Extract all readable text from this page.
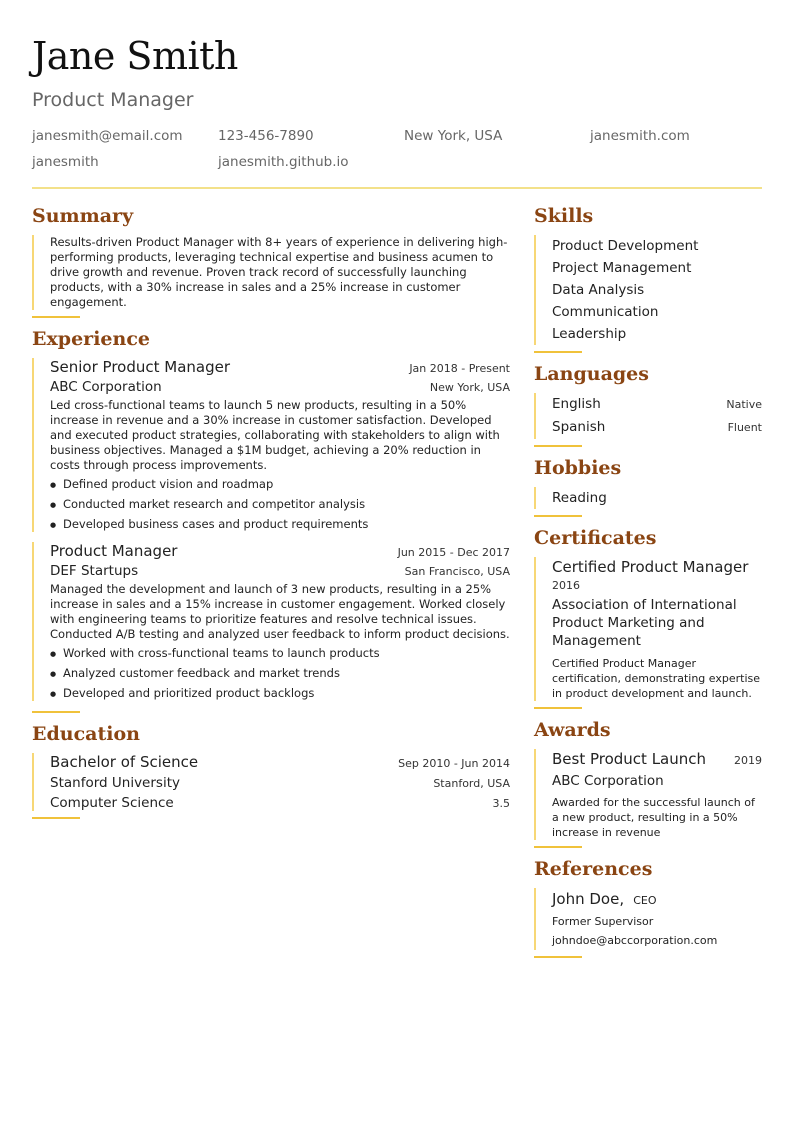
Jane Smith
Product Manager
janesmith@email.com	123-456-7890	New York, USA	janesmith.com
janesmith	janesmith.github.io
Summary
Results-driven Product Manager with 8+ years of experience in delivering high-performing products, leveraging technical expertise and business acumen to drive growth and revenue. Proven track record of successfully launching products, with a 30% increase in sales and a 25% increase in customer engagement.
Experience
Senior Product Manager	Jan 2018 - Present
ABC Corporation	New York, USA
Led cross-functional teams to launch 5 new products, resulting in a 50% increase in revenue and a 30% increase in customer satisfaction. Developed and executed product strategies, collaborating with stakeholders to align with business objectives. Managed a $1M budget, achieving a 20% reduction in costs through process improvements.
● Defined product vision and roadmap
● Conducted market research and competitor analysis
● Developed business cases and product requirements
Product Manager	Jun 2015 - Dec 2017
DEF Startups	San Francisco, USA
Managed the development and launch of 3 new products, resulting in a 25% increase in sales and a 15% increase in customer engagement. Worked closely with engineering teams to prioritize features and resolve technical issues. Conducted A/B testing and analyzed user feedback to inform product decisions.
● Worked with cross-functional teams to launch products
● Analyzed customer feedback and market trends
● Developed and prioritized product backlogs
Education
Bachelor of Science	Sep 2010 - Jun 2014
Stanford University	Stanford, USA
Computer Science	3.5
Skills
Product Development
Project Management
Data Analysis
Communication
Leadership
Languages
English	Native
Spanish	Fluent
Hobbies
Reading
Certificates
Certified Product Manager
2016
Association of International Product Marketing and Management
Certified Product Manager certification, demonstrating expertise in product development and launch.
Awards
Best Product Launch	2019
ABC Corporation
Awarded for the successful launch of a new product, resulting in a 50% increase in revenue
References
John Doe, CEO
Former Supervisor
johndoe@abccorporation.com
